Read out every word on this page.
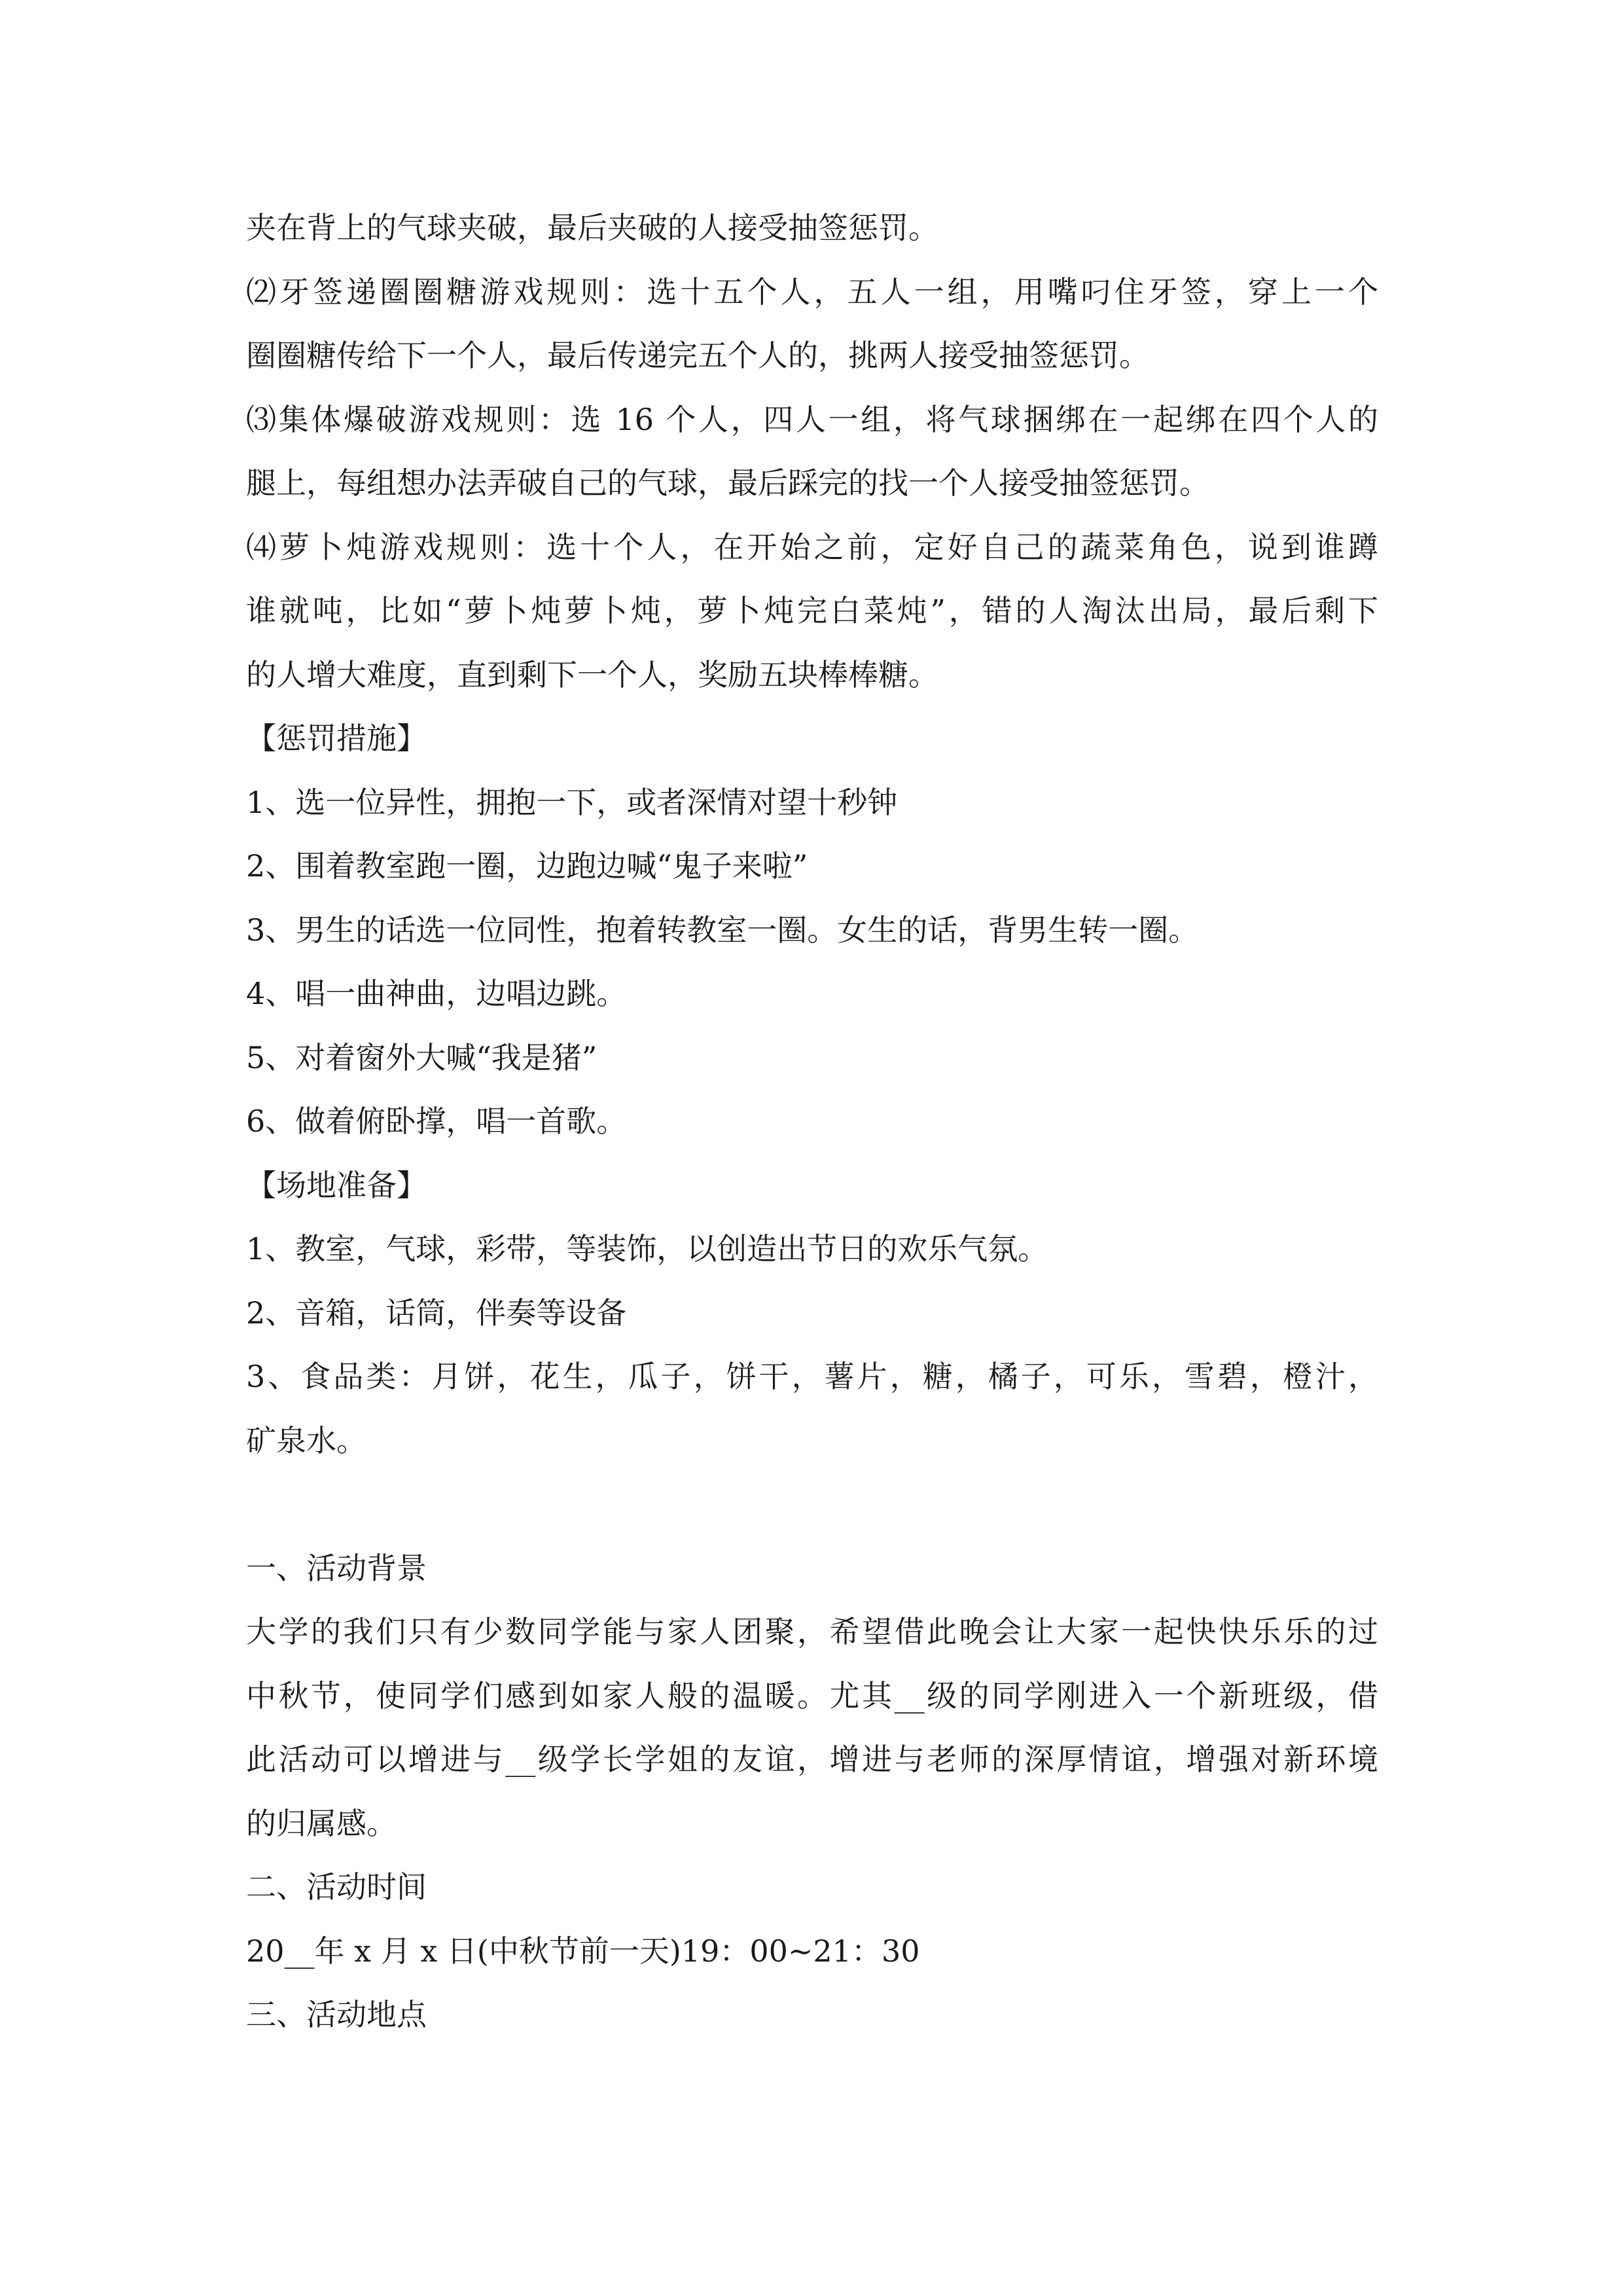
夹在背上的气球夹破，最后夹破的人接受抽签惩罚。
⑵牙签递圈圈糖游戏规则：选十五个人，五人一组，用嘴叼住牙签，穿上一个
圈圈糖传给下一个人，最后传递完五个人的，挑两人接受抽签惩罚。
⑶集体爆破游戏规则：选 16 个人，四人一组，将气球捆绑在一起绑在四个人的
腿上，每组想办法弄破自己的气球，最后踩完的找一个人接受抽签惩罚。
⑷萝卜炖游戏规则：选十个人，在开始之前，定好自己的蔬菜角色，说到谁蹲
谁就吨，比如“萝卜炖萝卜炖，萝卜炖完白菜炖”，错的人淘汰出局，最后剩下
的人增大难度，直到剩下一个人，奖励五块棒棒糖。
【惩罚措施】
1、选一位异性，拥抱一下，或者深情对望十秒钟
2、围着教室跑一圈，边跑边喊“鬼子来啦”
3、男生的话选一位同性，抱着转教室一圈。女生的话，背男生转一圈。
4、唱一曲神曲，边唱边跳。
5、对着窗外大喊“我是猪”
6、做着俯卧撑，唱一首歌。
【场地准备】
1、教室，气球，彩带，等装饰，以创造出节日的欢乐气氛。
2、音箱，话筒，伴奏等设备
3、食品类：月饼，花生，瓜子，饼干，薯片，糖，橘子，可乐，雪碧，橙汁，
矿泉水。
一、活动背景
大学的我们只有少数同学能与家人团聚，希望借此晚会让大家一起快快乐乐的过
中秋节，使同学们感到如家人般的温暖。尤其__级的同学刚进入一个新班级，借
此活动可以增进与__级学长学姐的友谊，增进与老师的深厚情谊，增强对新环境
的归属感。
二、活动时间
20__年 x 月 x 日(中秋节前一天)19：00~21：30
三、活动地点
